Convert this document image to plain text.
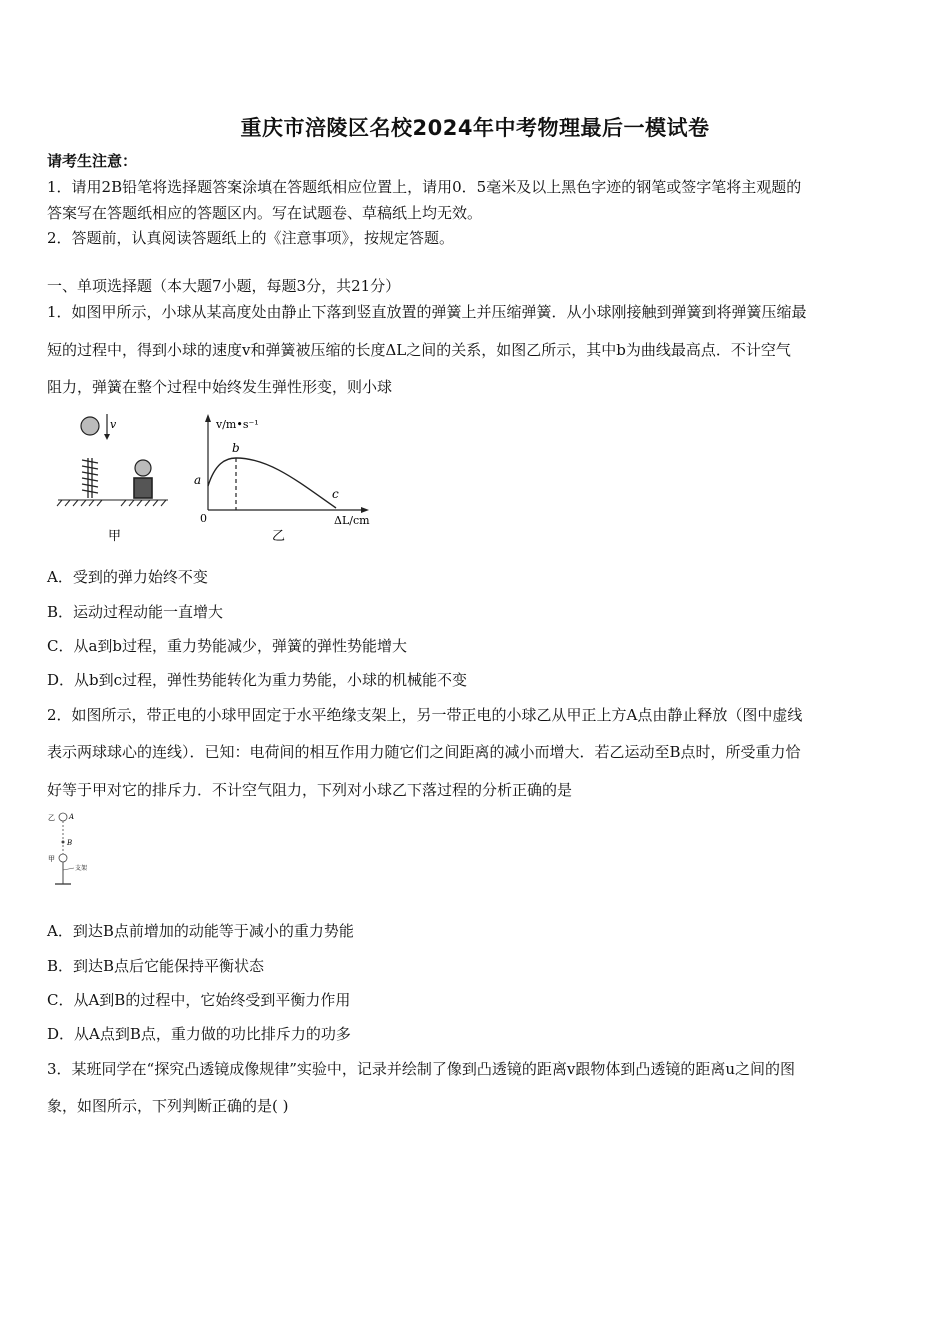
重庆市涪陵区名校2024年中考物理最后一模试卷
请考生注意：
1．请用2B铅笔将选择题答案涂填在答题纸相应位置上，请用0．5毫米及以上黑色字迹的钢笔或签字笔将主观题的
答案写在答题纸相应的答题区内。写在试题卷、草稿纸上均无效。
2．答题前，认真阅读答题纸上的《注意事项》，按规定答题。
一、单项选择题（本大题7小题，每题3分，共21分）
1．如图甲所示，小球从某高度处由静止下落到竖直放置的弹簧上并压缩弹簧．从小球刚接触到弹簧到将弹簧压缩最
短的过程中，得到小球的速度v和弹簧被压缩的长度ΔL之间的关系，如图乙所示，其中b为曲线最高点．不计空气
阻力，弹簧在整个过程中始终发生弹性形变，则小球
v
甲
v/m•s⁻¹
ΔL/cm
0
a
b
c
乙
A．受到的弹力始终不变
B．运动过程动能一直增大
C．从a到b过程，重力势能减少，弹簧的弹性势能增大
D．从b到c过程，弹性势能转化为重力势能，小球的机械能不变
2．如图所示，带正电的小球甲固定于水平绝缘支架上，另一带正电的小球乙从甲正上方A点由静止释放（图中虚线
表示两球球心的连线）．已知：电荷间的相互作用力随它们之间距离的减小而增大．若乙运动至B点时，所受重力恰
好等于甲对它的排斥力．不计空气阻力，下列对小球乙下落过程的分析正确的是
乙 A
B
甲
支架
A．到达B点前增加的动能等于减小的重力势能
B．到达B点后它能保持平衡状态
C．从A到B的过程中，它始终受到平衡力作用
D．从A点到B点，重力做的功比排斥力的功多
3．某班同学在“探究凸透镜成像规律”实验中，记录并绘制了像到凸透镜的距离v跟物体到凸透镜的距离u之间的图
象，如图所示，下列判断正确的是( )
